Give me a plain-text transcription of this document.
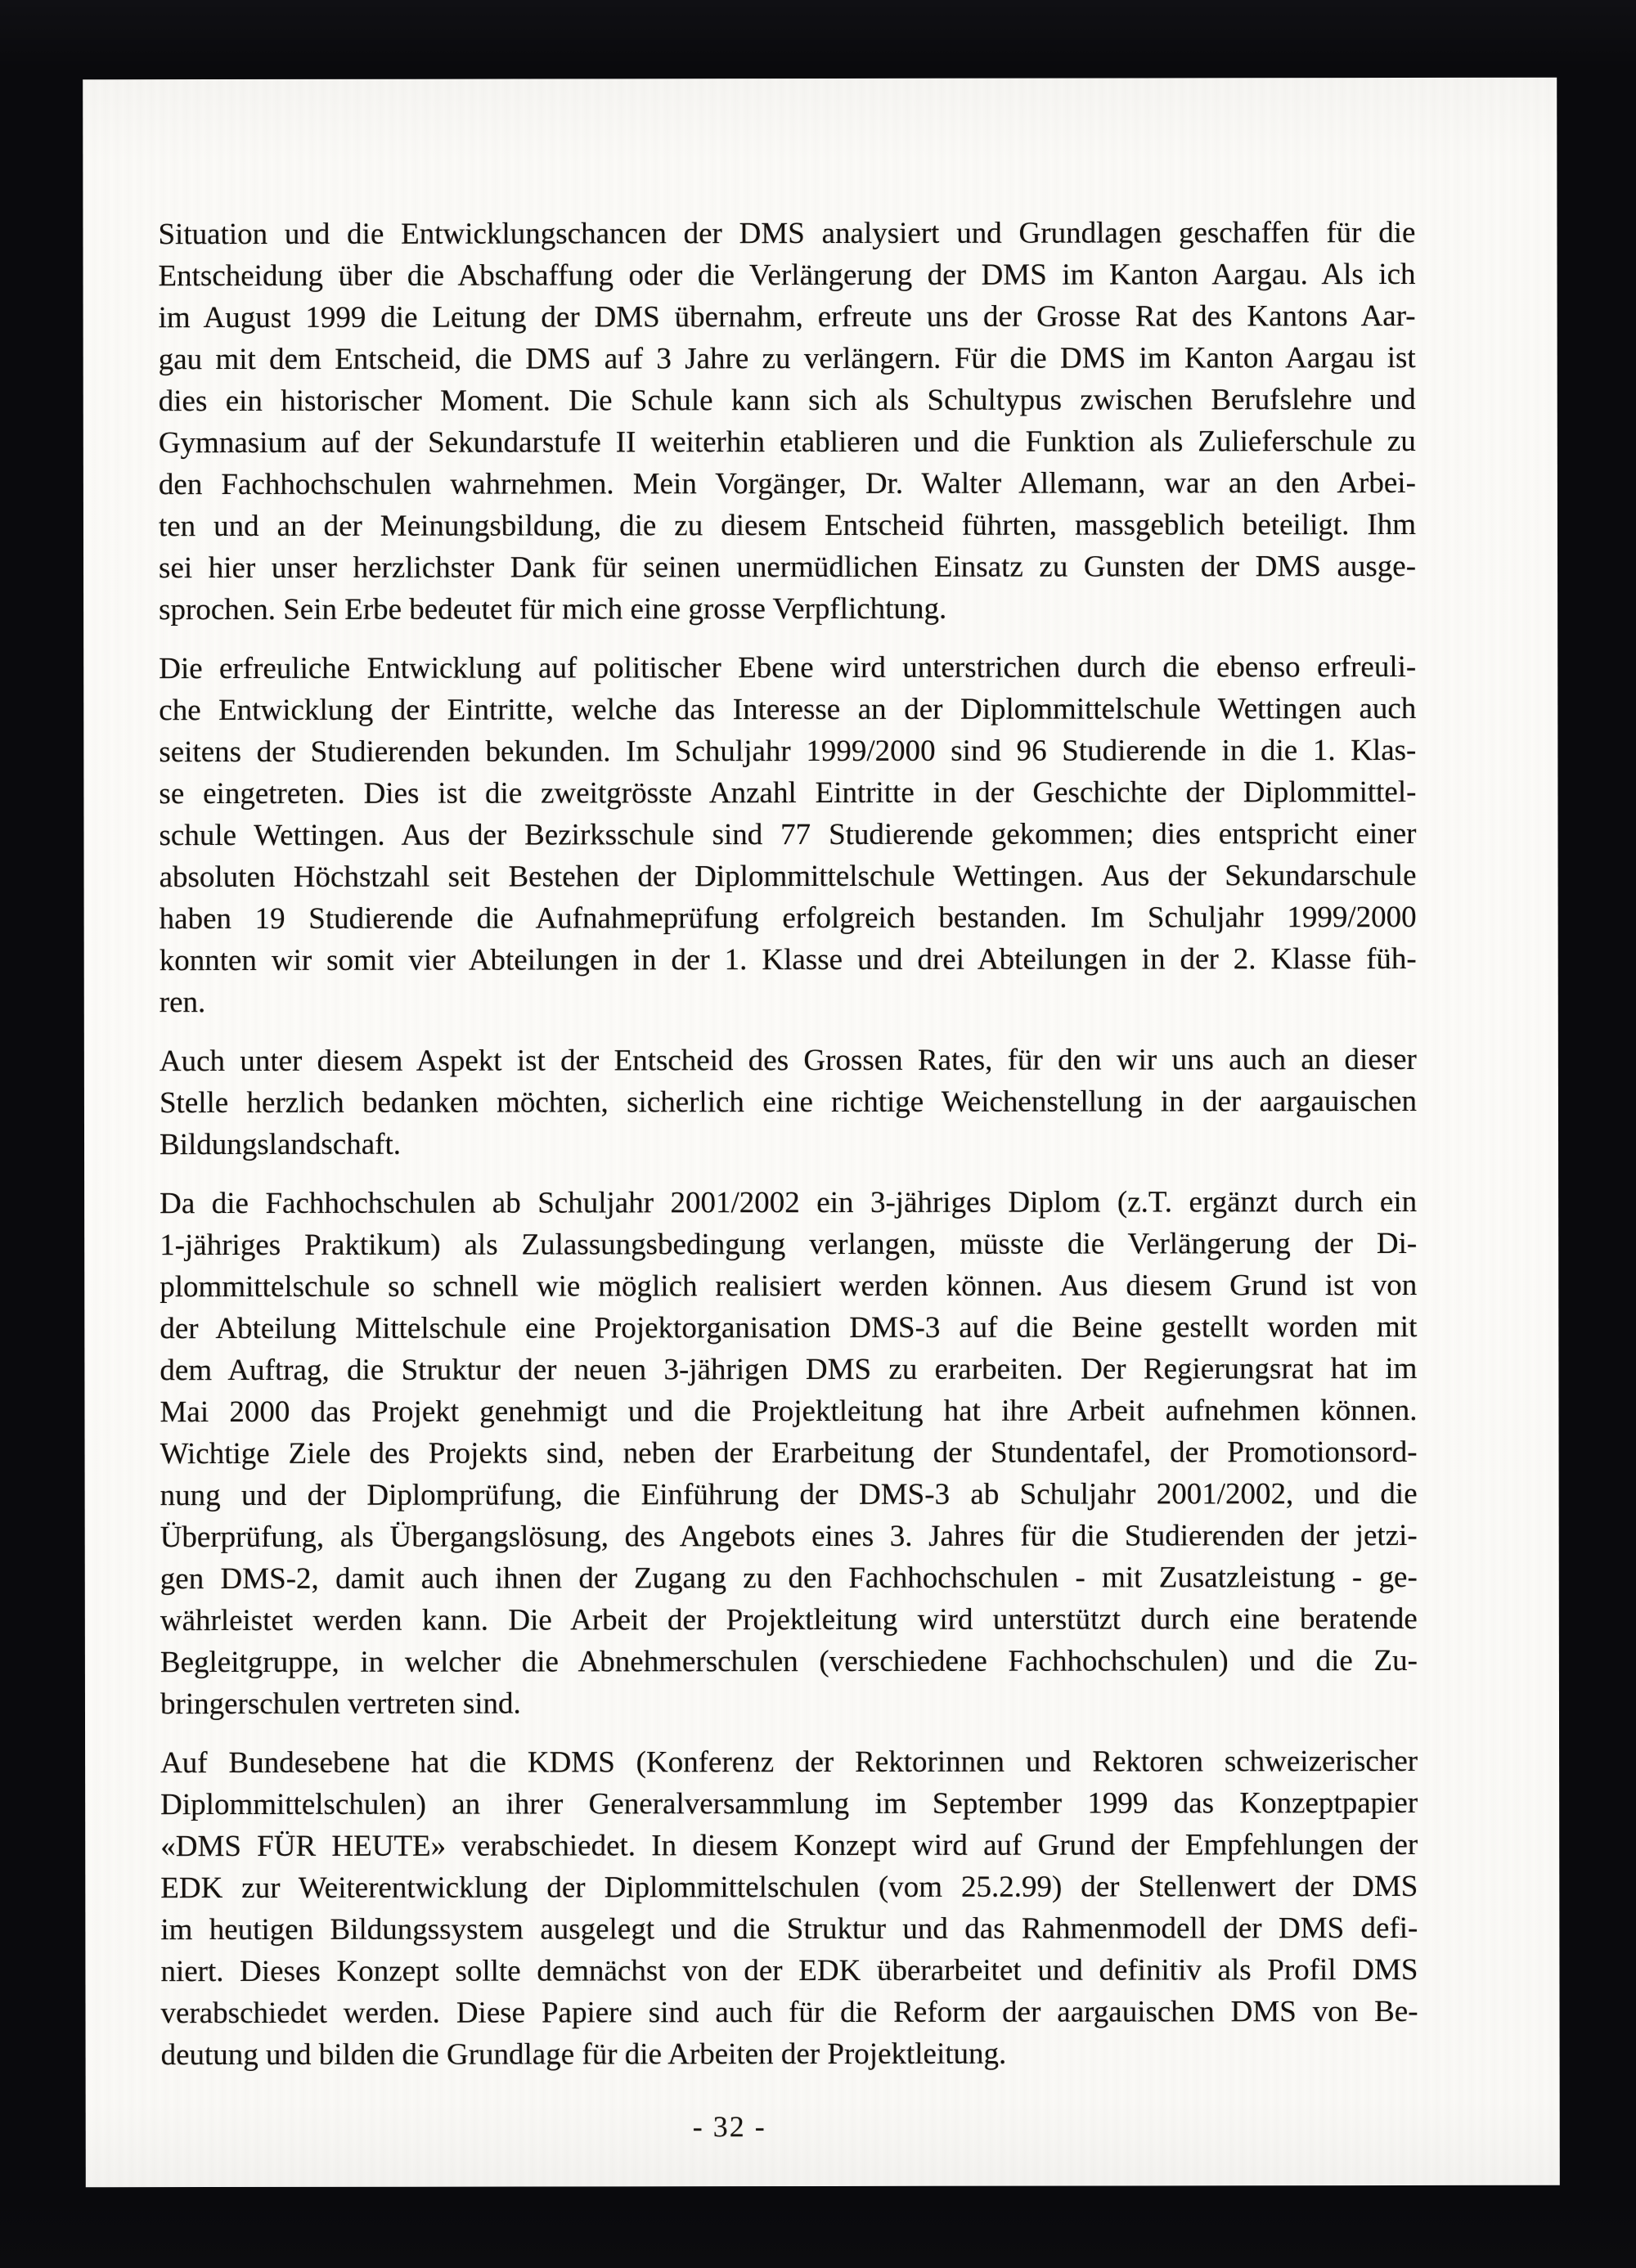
Situation und die Entwicklungschancen der DMS analysiert und Grundlagen geschaffen für die
Entscheidung über die Abschaffung oder die Verlängerung der DMS im Kanton Aargau. Als ich
im August 1999 die Leitung der DMS übernahm, erfreute uns der Grosse Rat des Kantons Aar-
gau mit dem Entscheid, die DMS auf 3 Jahre zu verlängern. Für die DMS im Kanton Aargau ist
dies ein historischer Moment. Die Schule kann sich als Schultypus zwischen Berufslehre und
Gymnasium auf der Sekundarstufe II weiterhin etablieren und die Funktion als Zulieferschule zu
den Fachhochschulen wahrnehmen. Mein Vorgänger, Dr. Walter Allemann, war an den Arbei-
ten und an der Meinungsbildung, die zu diesem Entscheid führten, massgeblich beteiligt. Ihm
sei hier unser herzlichster Dank für seinen unermüdlichen Einsatz zu Gunsten der DMS ausge-
sprochen. Sein Erbe bedeutet für mich eine grosse Verpflichtung.

Die erfreuliche Entwicklung auf politischer Ebene wird unterstrichen durch die ebenso erfreuli-
che Entwicklung der Eintritte, welche das Interesse an der Diplommittelschule Wettingen auch
seitens der Studierenden bekunden. Im Schuljahr 1999/2000 sind 96 Studierende in die 1. Klas-
se eingetreten. Dies ist die zweitgrösste Anzahl Eintritte in der Geschichte der Diplommittel-
schule Wettingen. Aus der Bezirksschule sind 77 Studierende gekommen; dies entspricht einer
absoluten Höchstzahl seit Bestehen der Diplommittelschule Wettingen. Aus der Sekundarschule
haben 19 Studierende die Aufnahmeprüfung erfolgreich bestanden. Im Schuljahr 1999/2000
konnten wir somit vier Abteilungen in der 1. Klasse und drei Abteilungen in der 2. Klasse füh-
ren.

Auch unter diesem Aspekt ist der Entscheid des Grossen Rates, für den wir uns auch an dieser
Stelle herzlich bedanken möchten, sicherlich eine richtige Weichenstellung in der aargauischen
Bildungslandschaft.

Da die Fachhochschulen ab Schuljahr 2001/2002 ein 3-jähriges Diplom (z.T. ergänzt durch ein
1-jähriges Praktikum) als Zulassungsbedingung verlangen, müsste die Verlängerung der Di-
plommittelschule so schnell wie möglich realisiert werden können. Aus diesem Grund ist von
der Abteilung Mittelschule eine Projektorganisation DMS-3 auf die Beine gestellt worden mit
dem Auftrag, die Struktur der neuen 3-jährigen DMS zu erarbeiten. Der Regierungsrat hat im
Mai 2000 das Projekt genehmigt und die Projektleitung hat ihre Arbeit aufnehmen können.
Wichtige Ziele des Projekts sind, neben der Erarbeitung der Stundentafel, der Promotionsord-
nung und der Diplomprüfung, die Einführung der DMS-3 ab Schuljahr 2001/2002, und die
Überprüfung, als Übergangslösung, des Angebots eines 3. Jahres für die Studierenden der jetzi-
gen DMS-2, damit auch ihnen der Zugang zu den Fachhochschulen - mit Zusatzleistung - ge-
währleistet werden kann. Die Arbeit der Projektleitung wird unterstützt durch eine beratende
Begleitgruppe, in welcher die Abnehmerschulen (verschiedene Fachhochschulen) und die Zu-
bringerschulen vertreten sind.

Auf Bundesebene hat die KDMS (Konferenz der Rektorinnen und Rektoren schweizerischer
Diplommittelschulen) an ihrer Generalversammlung im September 1999 das Konzeptpapier
«DMS FÜR HEUTE» verabschiedet. In diesem Konzept wird auf Grund der Empfehlungen der
EDK zur Weiterentwicklung der Diplommittelschulen (vom 25.2.99) der Stellenwert der DMS
im heutigen Bildungssystem ausgelegt und die Struktur und das Rahmenmodell der DMS defi-
niert. Dieses Konzept sollte demnächst von der EDK überarbeitet und definitiv als Profil DMS
verabschiedet werden. Diese Papiere sind auch für die Reform der aargauischen DMS von Be-
deutung und bilden die Grundlage für die Arbeiten der Projektleitung.

- 32 -
